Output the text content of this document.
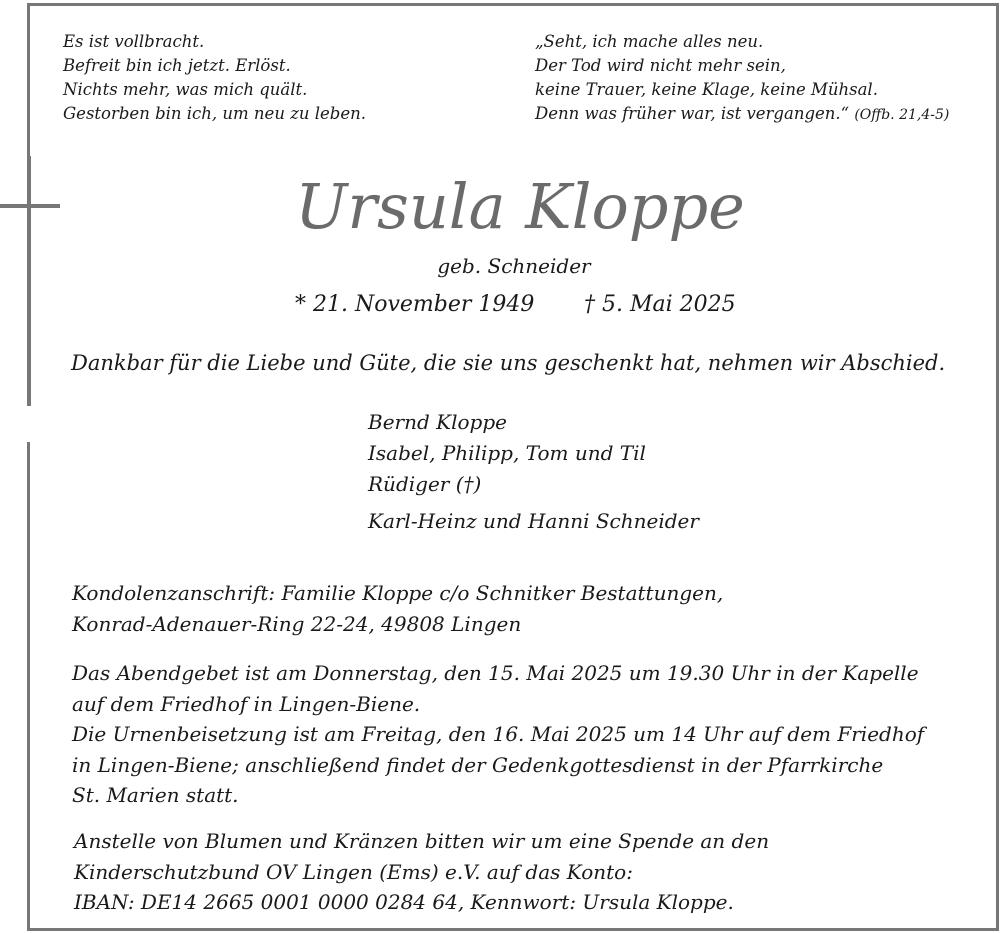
Es ist vollbracht.
Befreit bin ich jetzt. Erlöst.
Nichts mehr, was mich quält.
Gestorben bin ich, um neu zu leben.
„Seht, ich mache alles neu.
Der Tod wird nicht mehr sein,
keine Trauer, keine Klage, keine Mühsal.
Denn was früher war, ist vergangen.“ (Offb. 21,4-5)
Ursula Kloppe
geb. Schneider
* 21. November 1949 † 5. Mai 2025
Dankbar für die Liebe und Güte, die sie uns geschenkt hat, nehmen wir Abschied.
Bernd Kloppe
Isabel, Philipp, Tom und Til
Rüdiger (†)
Karl-Heinz und Hanni Schneider
Kondolenzanschrift: Familie Kloppe c/o Schnitker Bestattungen,
Konrad-Adenauer-Ring 22-24, 49808 Lingen
Das Abendgebet ist am Donnerstag, den 15. Mai 2025 um 19.30 Uhr in der Kapelle
auf dem Friedhof in Lingen-Biene.
Die Urnenbeisetzung ist am Freitag, den 16. Mai 2025 um 14 Uhr auf dem Friedhof
in Lingen-Biene; anschließend findet der Gedenkgottesdienst in der Pfarrkirche
St. Marien statt.
Anstelle von Blumen und Kränzen bitten wir um eine Spende an den
Kinderschutzbund OV Lingen (Ems) e.V. auf das Konto:
IBAN: DE14 2665 0001 0000 0284 64, Kennwort: Ursula Kloppe.
